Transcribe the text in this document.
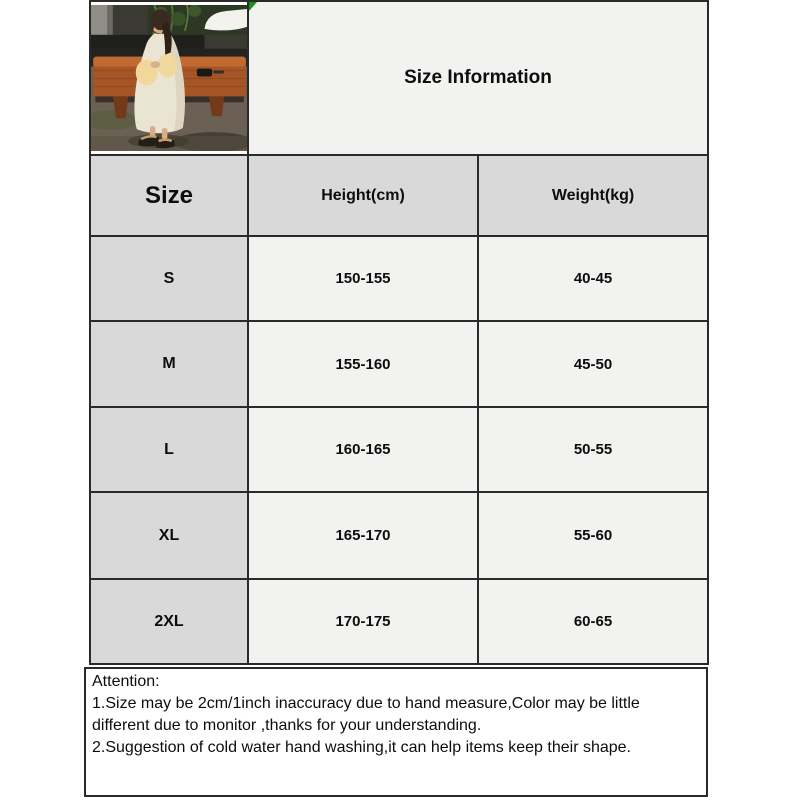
Size Information	
Size	Height(cm)	Weight(kg)
S	150-155	40-45
M	155-160	45-50
L	160-165	50-55
XL	165-170	55-60
2XL	170-175	60-65
Attention:
1.Size may be 2cm/1inch inaccuracy due to hand measure,Color may be little
different due to monitor ,thanks for your understanding.
2.Suggestion of cold water hand washing,it can help items keep their shape.
